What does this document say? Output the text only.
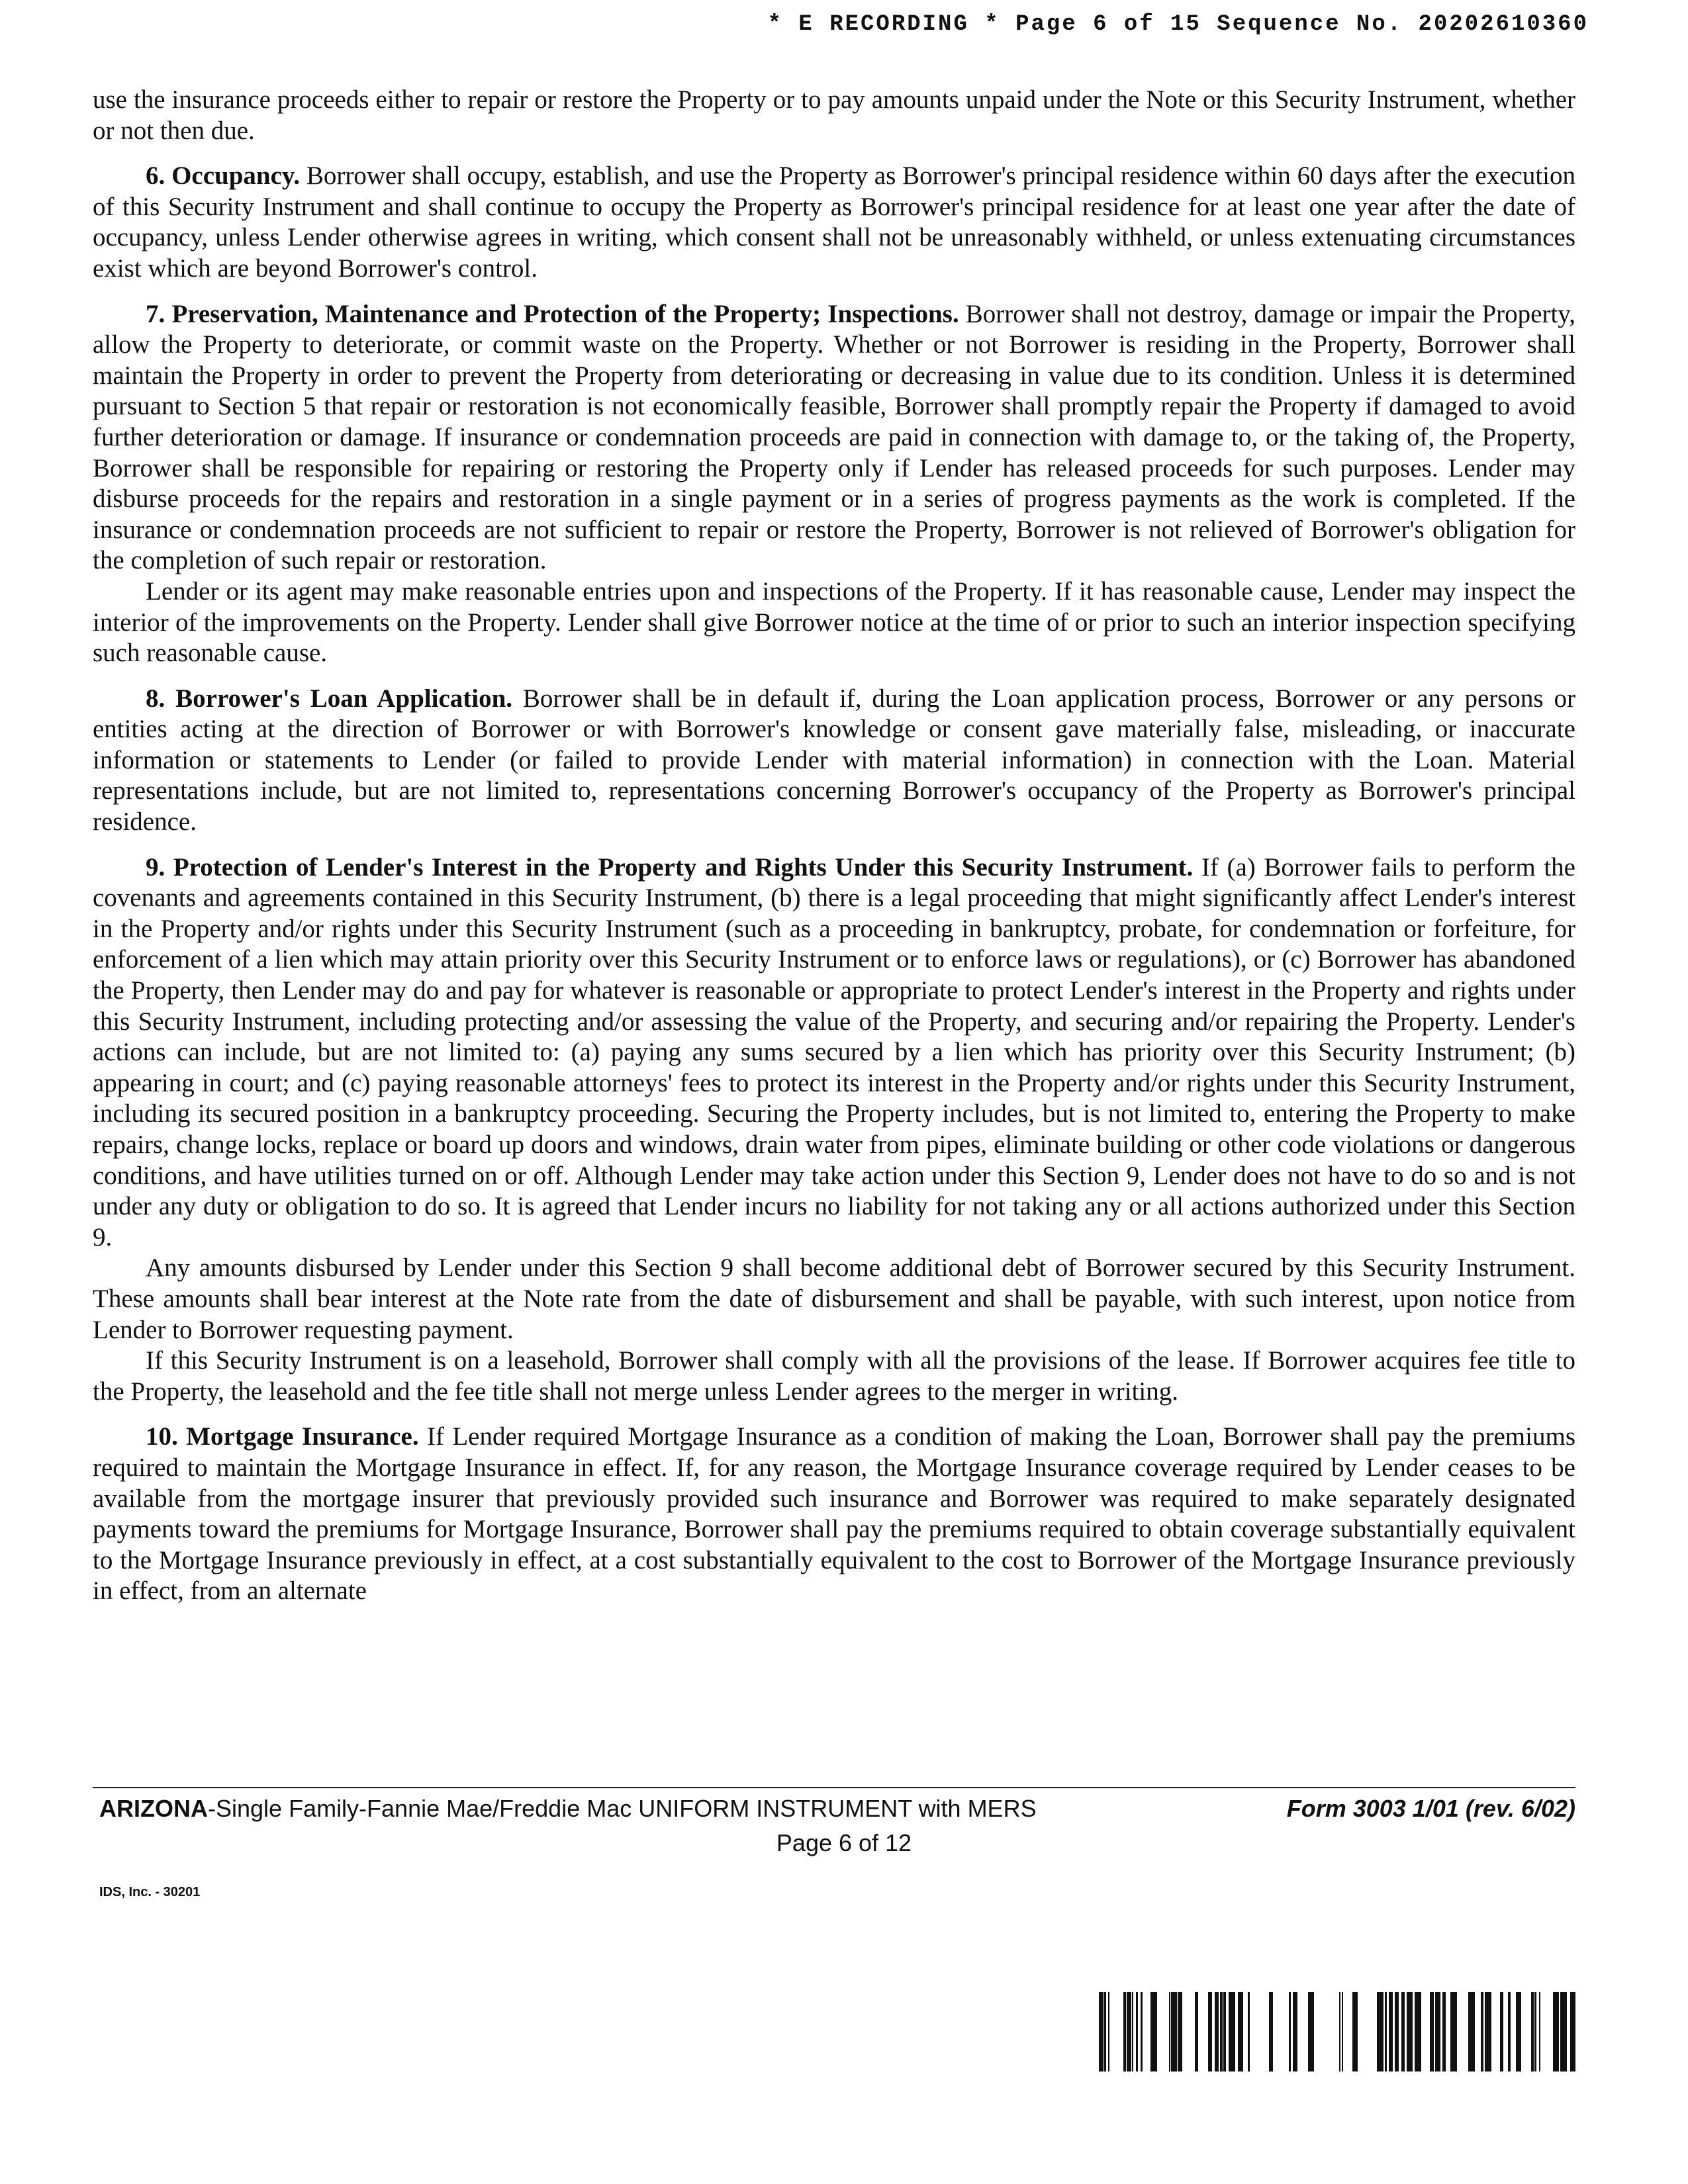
* E RECORDING * Page 6 of 15 Sequence No. 20202610360

use the insurance proceeds either to repair or restore the Property or to pay amounts unpaid under the Note or this Security Instrument, whether or not then due.

6. Occupancy. Borrower shall occupy, establish, and use the Property as Borrower's principal residence within 60 days after the execution of this Security Instrument and shall continue to occupy the Property as Borrower's principal residence for at least one year after the date of occupancy, unless Lender otherwise agrees in writing, which consent shall not be unreasonably withheld, or unless extenuating circumstances exist which are beyond Borrower's control.

7. Preservation, Maintenance and Protection of the Property; Inspections. Borrower shall not destroy, damage or impair the Property, allow the Property to deteriorate, or commit waste on the Property. Whether or not Borrower is residing in the Property, Borrower shall maintain the Property in order to prevent the Property from deteriorating or decreasing in value due to its condition. Unless it is determined pursuant to Section 5 that repair or restoration is not economically feasible, Borrower shall promptly repair the Property if damaged to avoid further deterioration or damage. If insurance or condemnation proceeds are paid in connection with damage to, or the taking of, the Property, Borrower shall be responsible for repairing or restoring the Property only if Lender has released proceeds for such purposes. Lender may disburse proceeds for the repairs and restoration in a single payment or in a series of progress payments as the work is completed. If the insurance or condemnation proceeds are not sufficient to repair or restore the Property, Borrower is not relieved of Borrower's obligation for the completion of such repair or restoration.

Lender or its agent may make reasonable entries upon and inspections of the Property. If it has reasonable cause, Lender may inspect the interior of the improvements on the Property. Lender shall give Borrower notice at the time of or prior to such an interior inspection specifying such reasonable cause.

8. Borrower's Loan Application. Borrower shall be in default if, during the Loan application process, Borrower or any persons or entities acting at the direction of Borrower or with Borrower's knowledge or consent gave materially false, misleading, or inaccurate information or statements to Lender (or failed to provide Lender with material information) in connection with the Loan. Material representations include, but are not limited to, representations concerning Borrower's occupancy of the Property as Borrower's principal residence.

9. Protection of Lender's Interest in the Property and Rights Under this Security Instrument. If (a) Borrower fails to perform the covenants and agreements contained in this Security Instrument, (b) there is a legal proceeding that might significantly affect Lender's interest in the Property and/or rights under this Security Instrument (such as a proceeding in bankruptcy, probate, for condemnation or forfeiture, for enforcement of a lien which may attain priority over this Security Instrument or to enforce laws or regulations), or (c) Borrower has abandoned the Property, then Lender may do and pay for whatever is reasonable or appropriate to protect Lender's interest in the Property and rights under this Security Instrument, including protecting and/or assessing the value of the Property, and securing and/or repairing the Property. Lender's actions can include, but are not limited to: (a) paying any sums secured by a lien which has priority over this Security Instrument; (b) appearing in court; and (c) paying reasonable attorneys' fees to protect its interest in the Property and/or rights under this Security Instrument, including its secured position in a bankruptcy proceeding. Securing the Property includes, but is not limited to, entering the Property to make repairs, change locks, replace or board up doors and windows, drain water from pipes, eliminate building or other code violations or dangerous conditions, and have utilities turned on or off. Although Lender may take action under this Section 9, Lender does not have to do so and is not under any duty or obligation to do so. It is agreed that Lender incurs no liability for not taking any or all actions authorized under this Section 9.

Any amounts disbursed by Lender under this Section 9 shall become additional debt of Borrower secured by this Security Instrument. These amounts shall bear interest at the Note rate from the date of disbursement and shall be payable, with such interest, upon notice from Lender to Borrower requesting payment.

If this Security Instrument is on a leasehold, Borrower shall comply with all the provisions of the lease. If Borrower acquires fee title to the Property, the leasehold and the fee title shall not merge unless Lender agrees to the merger in writing.

10. Mortgage Insurance. If Lender required Mortgage Insurance as a condition of making the Loan, Borrower shall pay the premiums required to maintain the Mortgage Insurance in effect. If, for any reason, the Mortgage Insurance coverage required by Lender ceases to be available from the mortgage insurer that previously provided such insurance and Borrower was required to make separately designated payments toward the premiums for Mortgage Insurance, Borrower shall pay the premiums required to obtain coverage substantially equivalent to the Mortgage Insurance previously in effect, at a cost substantially equivalent to the cost to Borrower of the Mortgage Insurance previously in effect, from an alternate

ARIZONA-Single Family-Fannie Mae/Freddie Mac UNIFORM INSTRUMENT with MERS	Form 3003 1/01 (rev. 6/02)
Page 6 of 12
IDS, Inc. - 30201
